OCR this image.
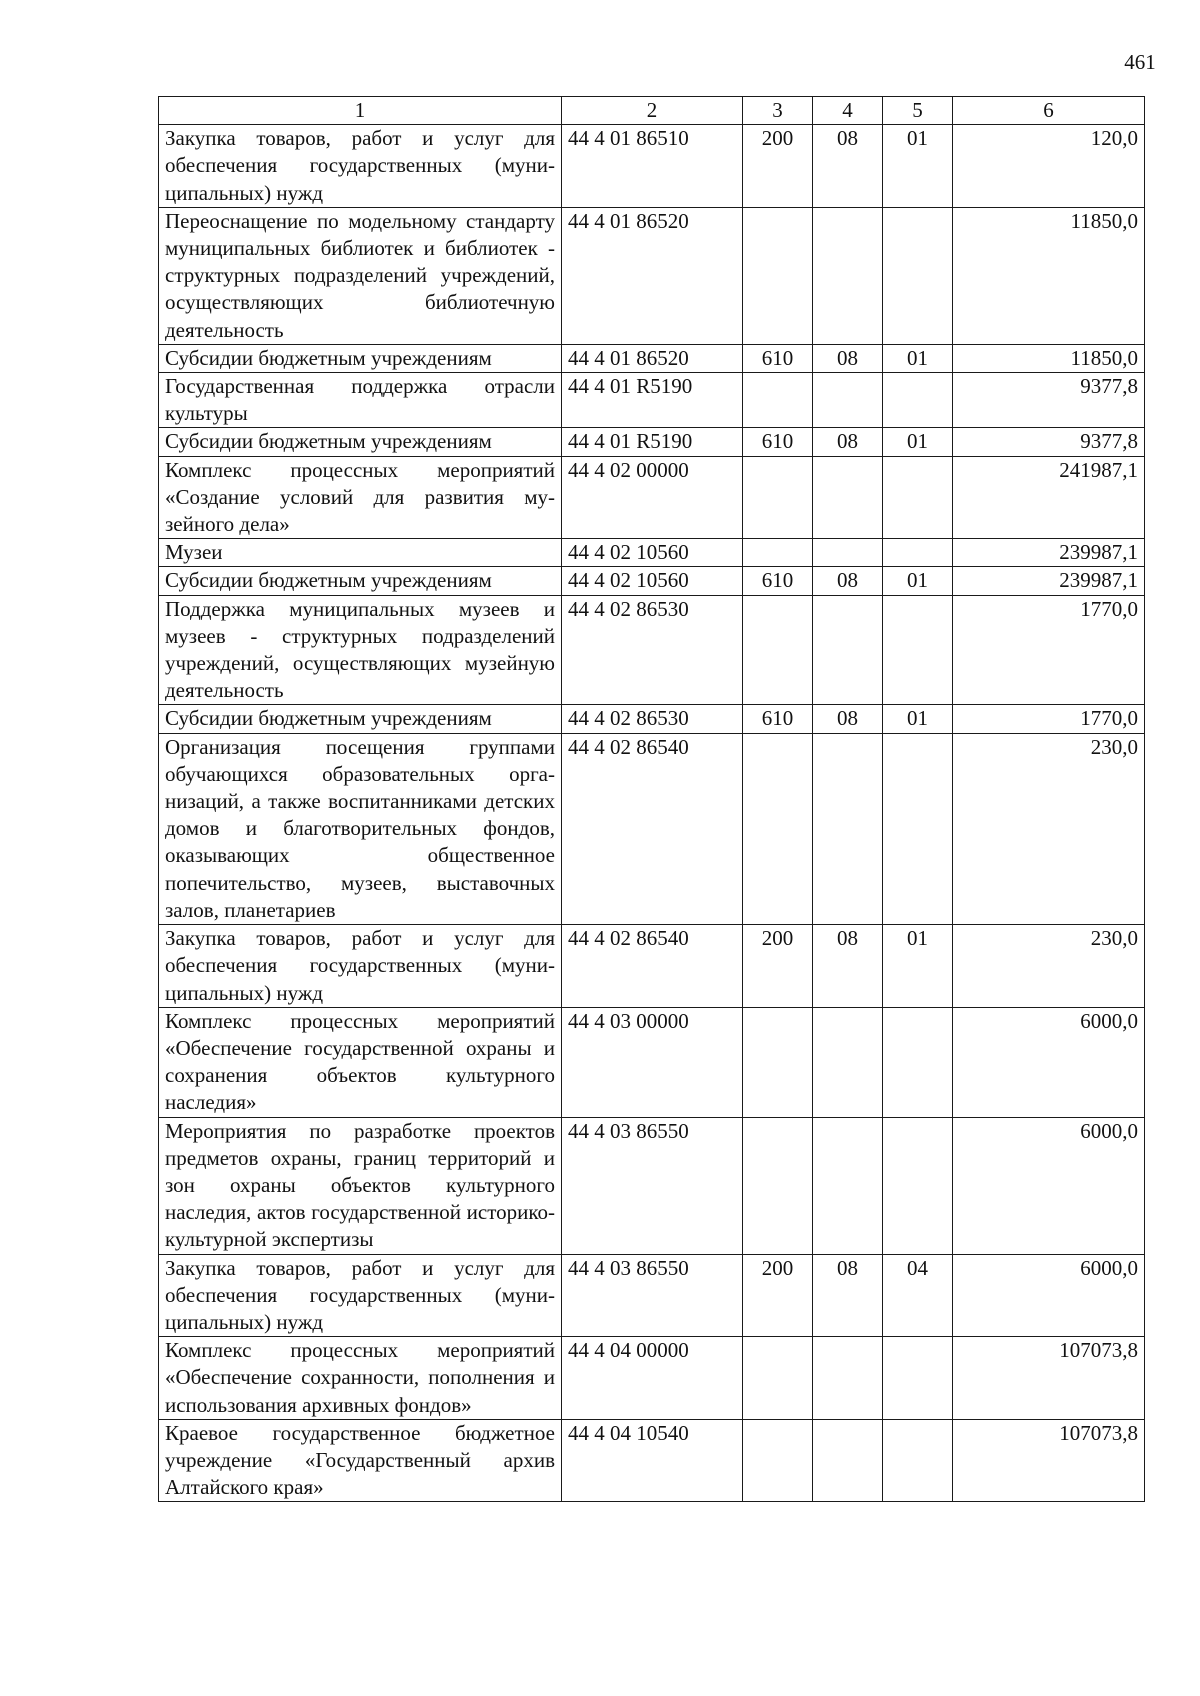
461
1	2	3	4	5	6
Закупка товаров, работ и услуг для обеспечения государственных (муниципальных) нужд	44 4 01 86510	200	08	01	120,0
Переоснащение по модельному стандарту муниципальных библиотек и библиотек - структурных подразделений учреждений, осуществляющих библиотечную деятельность	44 4 01 86520				11850,0
Субсидии бюджетным учреждениям	44 4 01 86520	610	08	01	11850,0
Государственная поддержка отрасли культуры	44 4 01 R5190				9377,8
Субсидии бюджетным учреждениям	44 4 01 R5190	610	08	01	9377,8
Комплекс процессных мероприятий «Создание условий для развития музейного дела»	44 4 02 00000				241987,1
Музеи	44 4 02 10560				239987,1
Субсидии бюджетным учреждениям	44 4 02 10560	610	08	01	239987,1
Поддержка муниципальных музеев и музеев - структурных подразделений учреждений, осуществляющих музейную деятельность	44 4 02 86530				1770,0
Субсидии бюджетным учреждениям	44 4 02 86530	610	08	01	1770,0
Организация посещения группами обучающихся образовательных организаций, а также воспитанниками детских домов и благотворительных фондов, оказывающих общественное попечительство, музеев, выставочных залов, планетариев	44 4 02 86540				230,0
Закупка товаров, работ и услуг для обеспечения государственных (муниципальных) нужд	44 4 02 86540	200	08	01	230,0
Комплекс процессных мероприятий «Обеспечение государственной охраны и сохранения объектов культурного наследия»	44 4 03 00000				6000,0
Мероприятия по разработке проектов предметов охраны, границ территорий и зон охраны объектов культурного наследия, актов государственной историко-культурной экспертизы	44 4 03 86550				6000,0
Закупка товаров, работ и услуг для обеспечения государственных (муниципальных) нужд	44 4 03 86550	200	08	04	6000,0
Комплекс процессных мероприятий «Обеспечение сохранности, пополнения и использования архивных фондов»	44 4 04 00000				107073,8
Краевое государственное бюджетное учреждение «Государственный архив Алтайского края»	44 4 04 10540				107073,8
